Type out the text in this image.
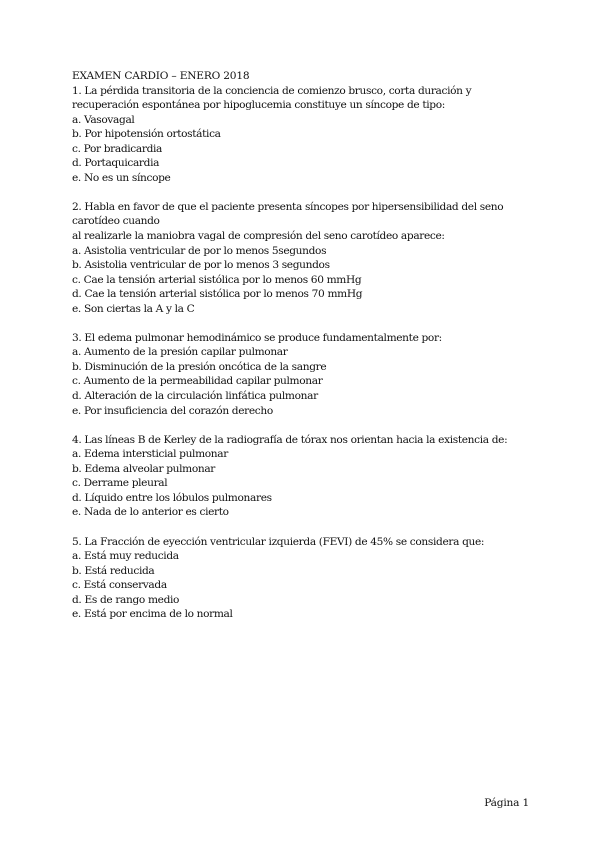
EXAMEN CARDIO – ENERO 2018

1. La pérdida transitoria de la conciencia de comienzo brusco, corta duración y recuperación espontánea por hipoglucemia constituye un síncope de tipo:

a. Vasovagal
b. Por hipotensión ortostática
c. Por bradicardia
d. Portaquicardia
e. No es un síncope

2. Habla en favor de que el paciente presenta síncopes por hipersensibilidad del seno carotídeo cuando

al realizarle la maniobra vagal de compresión del seno carotídeo aparece:

a. Asistolia ventricular de por lo menos 5segundos
b. Asistolia ventricular de por lo menos 3 segundos
c. Cae la tensión arterial sistólica por lo menos 60 mmHg
d. Cae la tensión arterial sistólica por lo menos 70 mmHg
e. Son ciertas la A y la C

3. El edema pulmonar hemodinámico se produce fundamentalmente por:

a. Aumento de la presión capilar pulmonar
b. Disminución de la presión oncótica de la sangre
c. Aumento de la permeabilidad capilar pulmonar
d. Alteración de la circulación linfática pulmonar
e. Por insuficiencia del corazón derecho

4. Las líneas B de Kerley de la radiografía de tórax nos orientan hacia la existencia de:

a. Edema intersticial pulmonar
b. Edema alveolar pulmonar
c. Derrame pleural
d. Líquido entre los lóbulos pulmonares
e. Nada de lo anterior es cierto

5. La Fracción de eyección ventricular izquierda (FEVI) de 45% se considera que:

a. Está muy reducida
b. Está reducida
c. Está conservada
d. Es de rango medio
e. Está por encima de lo normal
Página 1
